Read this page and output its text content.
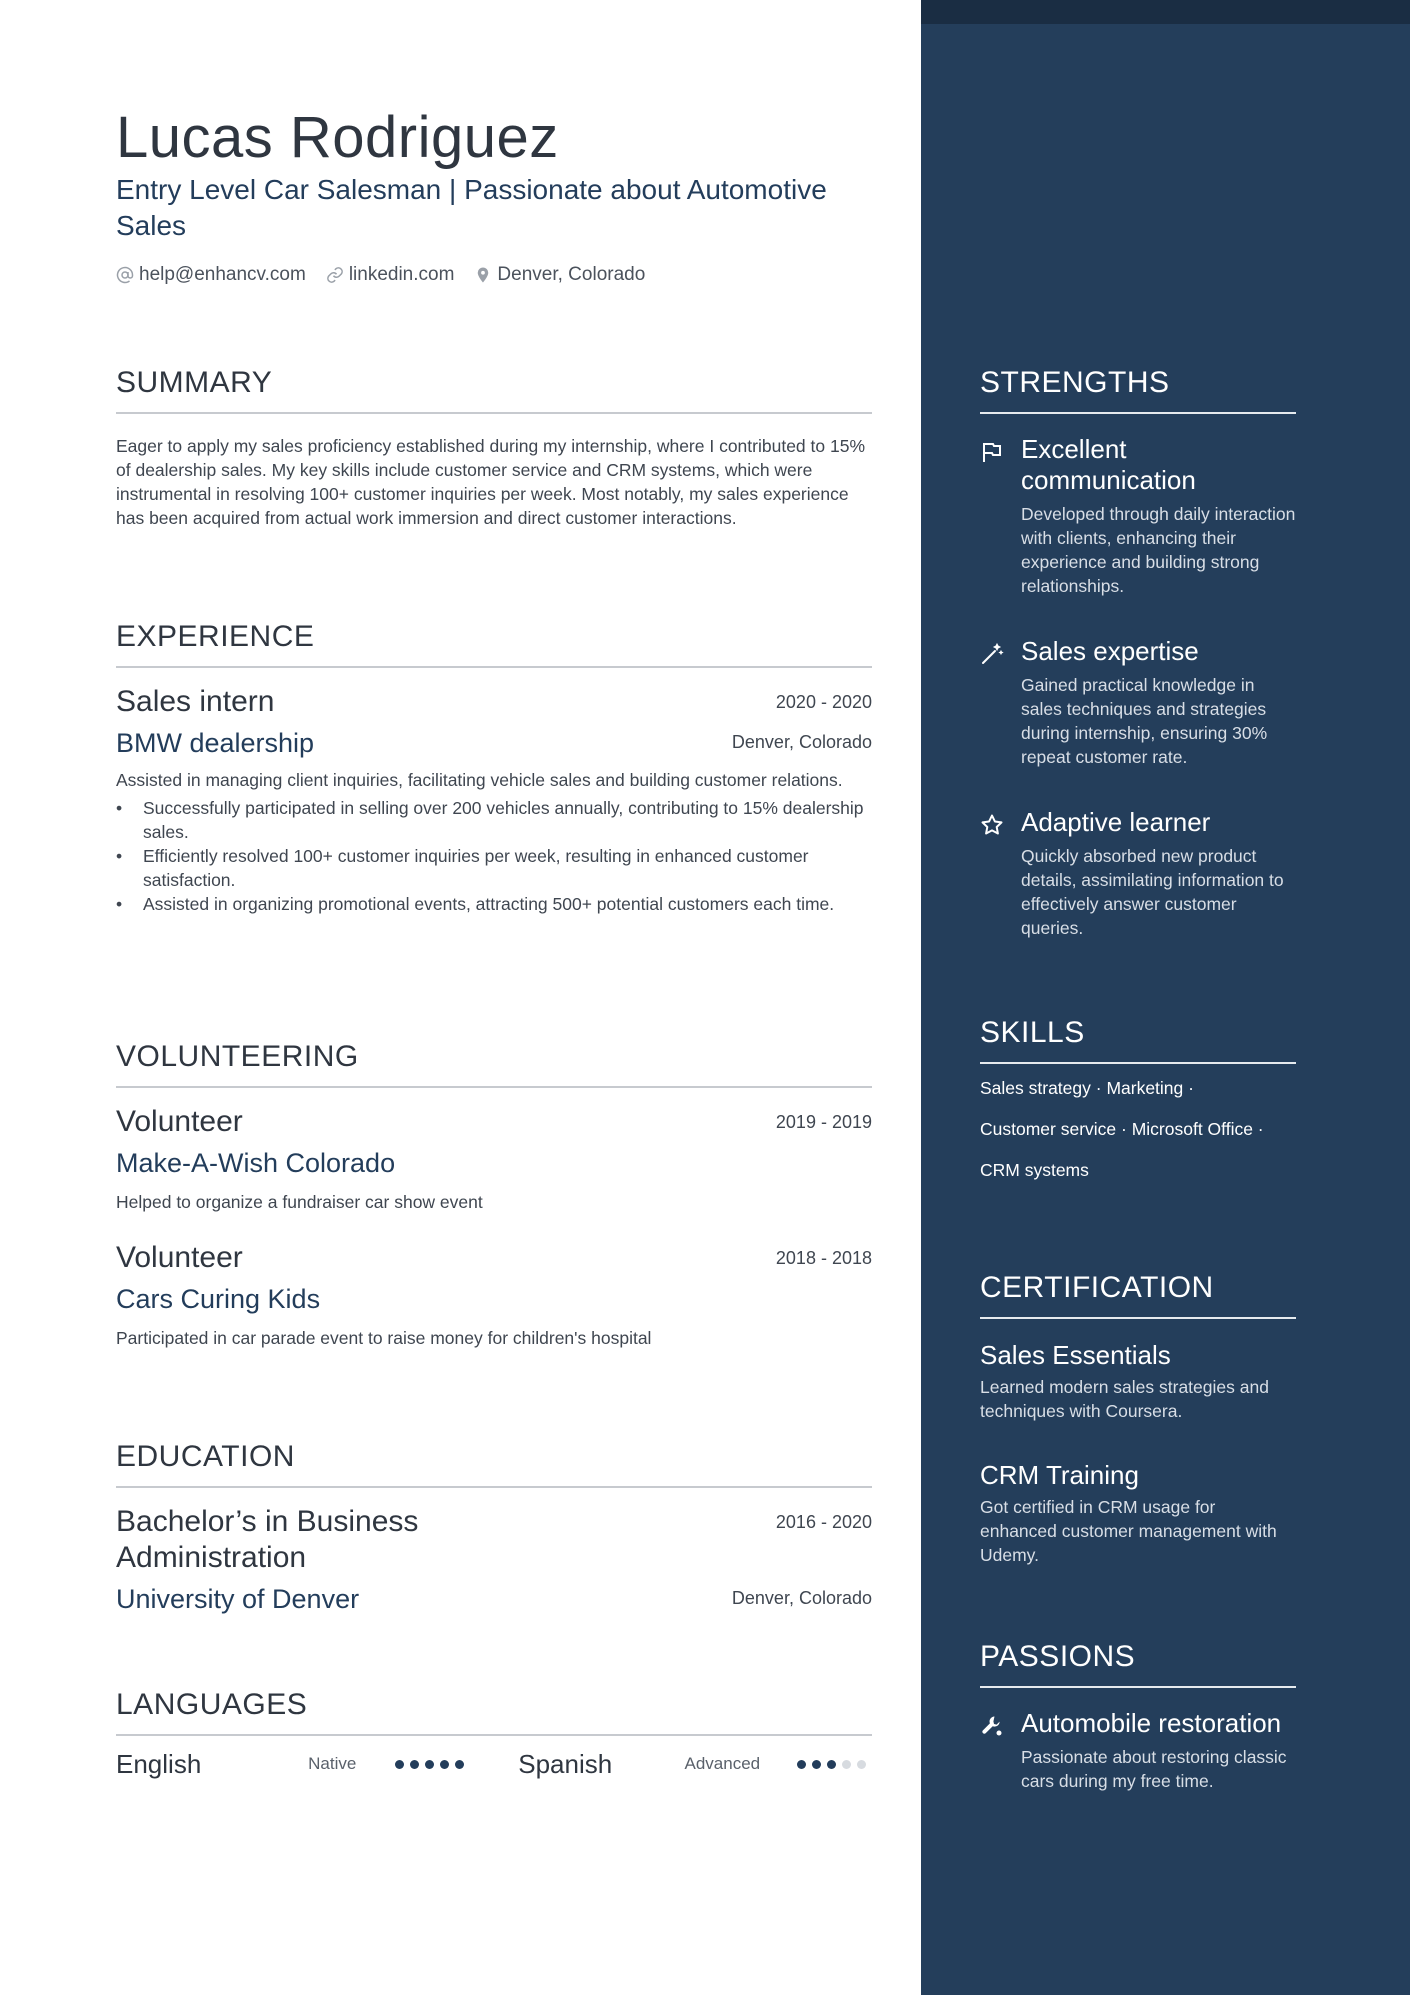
Lucas Rodriguez
Entry Level Car Salesman | Passionate about Automotive Sales
help@enhancv.com linkedin.com Denver, Colorado
SUMMARY
Eager to apply my sales proficiency established during my internship, where I contributed to 15% of dealership sales. My key skills include customer service and CRM systems, which were instrumental in resolving 100+ customer inquiries per week. Most notably, my sales experience has been acquired from actual work immersion and direct customer interactions.
EXPERIENCE
Sales intern	2020 - 2020
BMW dealership	Denver, Colorado
Assisted in managing client inquiries, facilitating vehicle sales and building customer relations.
• Successfully participated in selling over 200 vehicles annually, contributing to 15% dealership sales.
• Efficiently resolved 100+ customer inquiries per week, resulting in enhanced customer satisfaction.
• Assisted in organizing promotional events, attracting 500+ potential customers each time.
VOLUNTEERING
Volunteer	2019 - 2019
Make-A-Wish Colorado
Helped to organize a fundraiser car show event
Volunteer	2018 - 2018
Cars Curing Kids
Participated in car parade event to raise money for children's hospital
EDUCATION
Bachelor’s in Business Administration
2016 - 2020
University of Denver	Denver, Colorado
LANGUAGES
English	Native	Spanish	Advanced
STRENGTHS
Excellent communication
Developed through daily interaction with clients, enhancing their experience and building strong relationships.
Sales expertise
Gained practical knowledge in sales techniques and strategies during internship, ensuring 30% repeat customer rate.
Adaptive learner
Quickly absorbed new product details, assimilating information to effectively answer customer queries.
SKILLS
Sales strategy · Marketing ·
Customer service · Microsoft Office ·
CRM systems
CERTIFICATION
Sales Essentials
Learned modern sales strategies and techniques with Coursera.
CRM Training
Got certified in CRM usage for enhanced customer management with Udemy.
PASSIONS
Automobile restoration
Passionate about restoring classic cars during my free time.
